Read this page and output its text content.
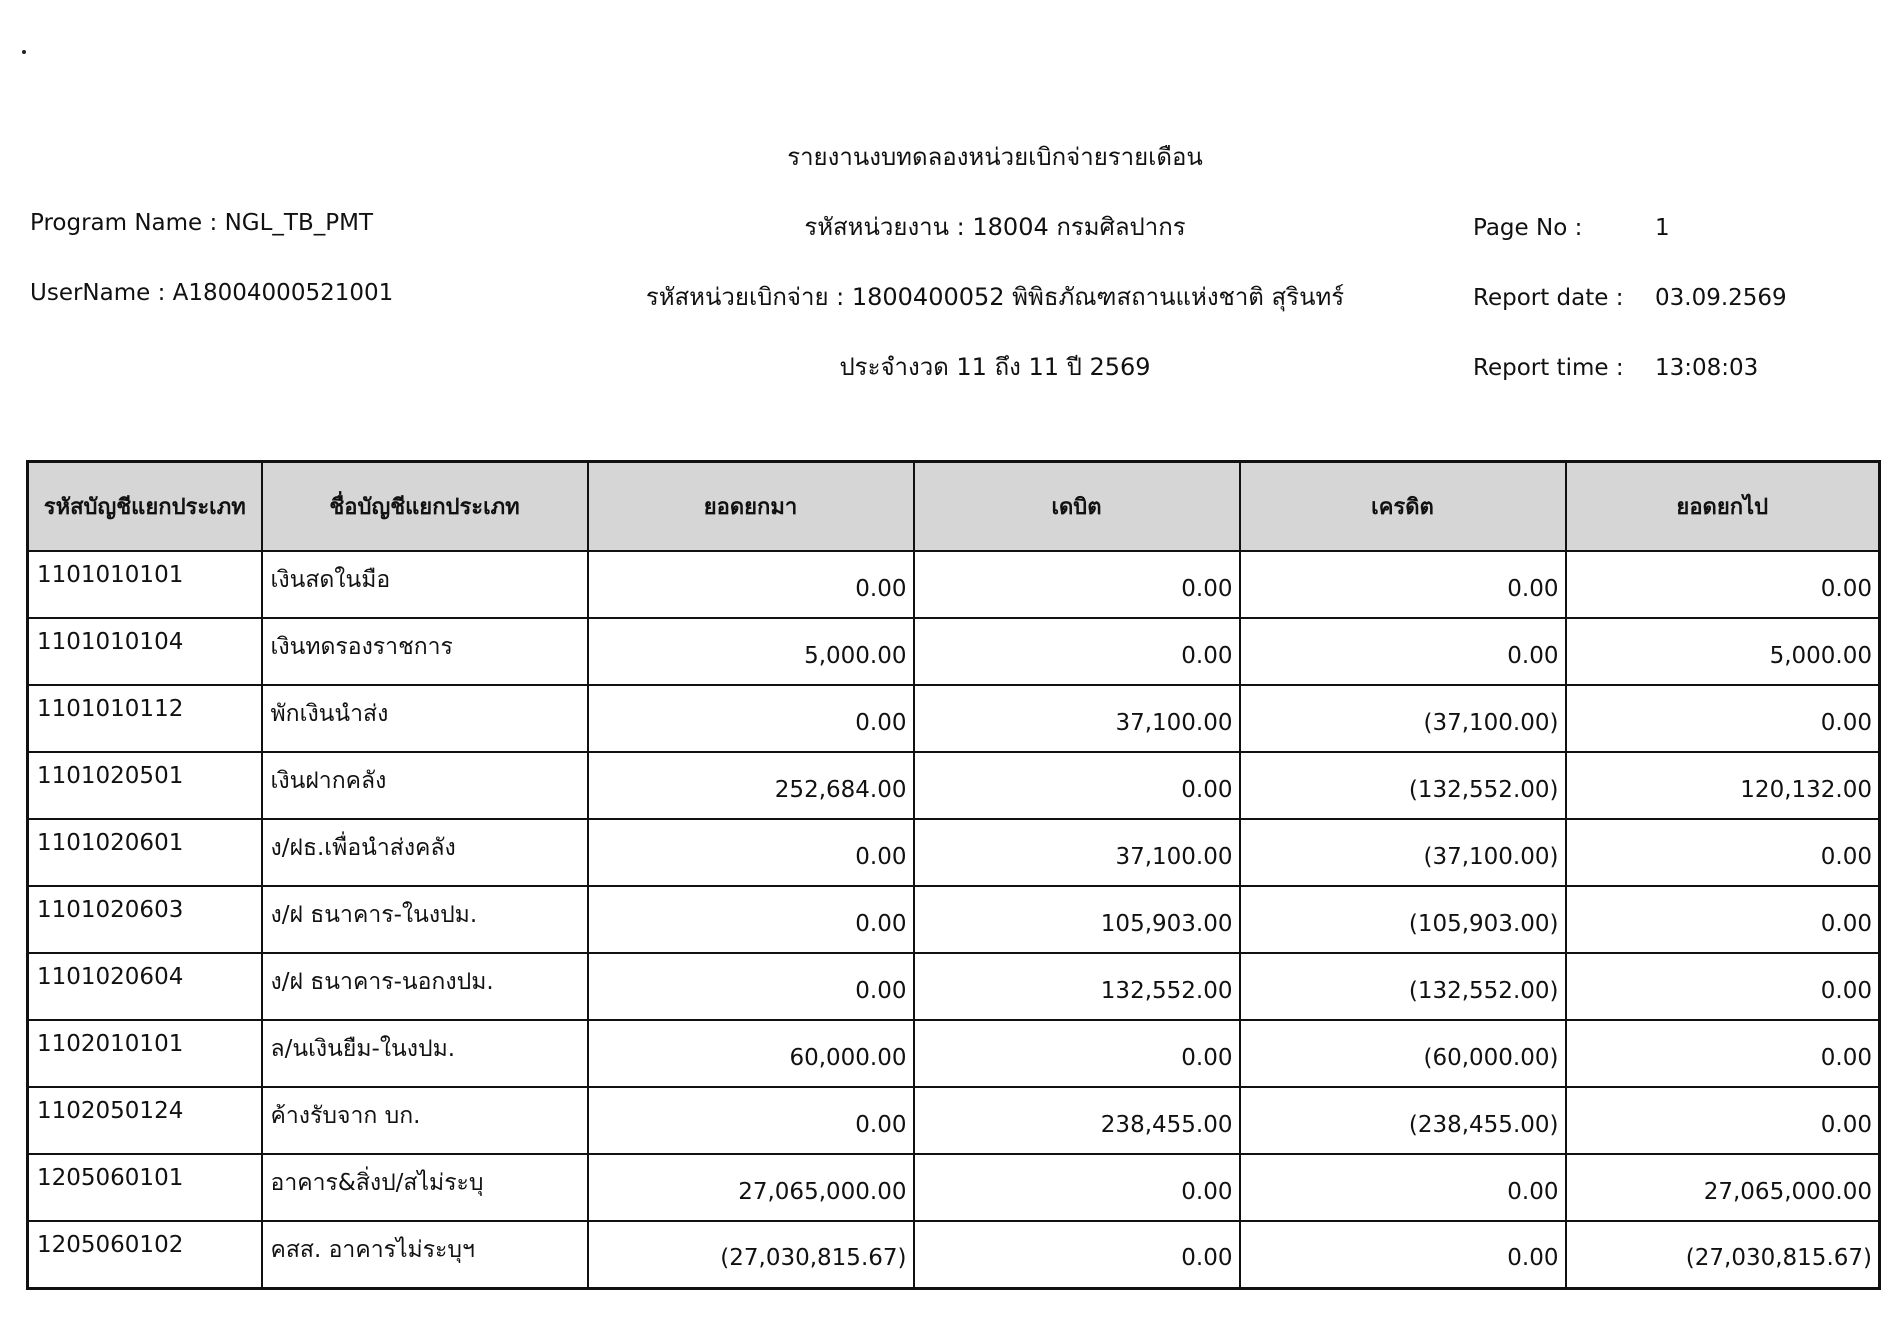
รายงานงบทดลองหน่วยเบิกจ่ายรายเดือน
รหัสหน่วยงาน : 18004 กรมศิลปากร
รหัสหน่วยเบิกจ่าย : 1800400052 พิพิธภัณฑสถานแห่งชาติ สุรินทร์
ประจำงวด 11 ถึง 11 ปี 2569
Program Name : NGL_TB_PMT
UserName : A18004000521001
Page No :	1
Report date : 03.09.2569
Report time : 13:08:03
รหัสบัญชีแยกประเภท	ชื่อบัญชีแยกประเภท	ยอดยกมา	เดบิต	เครดิต	ยอดยกไป
1101010101	เงินสดในมือ	0.00	0.00	0.00	0.00
1101010104	เงินทดรองราชการ	5,000.00	0.00	0.00	5,000.00
1101010112	พักเงินนำส่ง	0.00	37,100.00	(37,100.00)	0.00
1101020501	เงินฝากคลัง	252,684.00	0.00	(132,552.00)	120,132.00
1101020601	ง/ฝธ.เพื่อนำส่งคลัง	0.00	37,100.00	(37,100.00)	0.00
1101020603	ง/ฝ ธนาคาร-ในงปม.	0.00	105,903.00	(105,903.00)	0.00
1101020604	ง/ฝ ธนาคาร-นอกงปม.	0.00	132,552.00	(132,552.00)	0.00
1102010101	ล/นเงินยืม-ในงปม.	60,000.00	0.00	(60,000.00)	0.00
1102050124	ค้างรับจาก บก.	0.00	238,455.00	(238,455.00)	0.00
1205060101	อาคาร&สิ่งป/สไม่ระบุ	27,065,000.00	0.00	0.00	27,065,000.00
1205060102	คสส. อาคารไม่ระบุฯ	(27,030,815.67)	0.00	0.00	(27,030,815.67)
